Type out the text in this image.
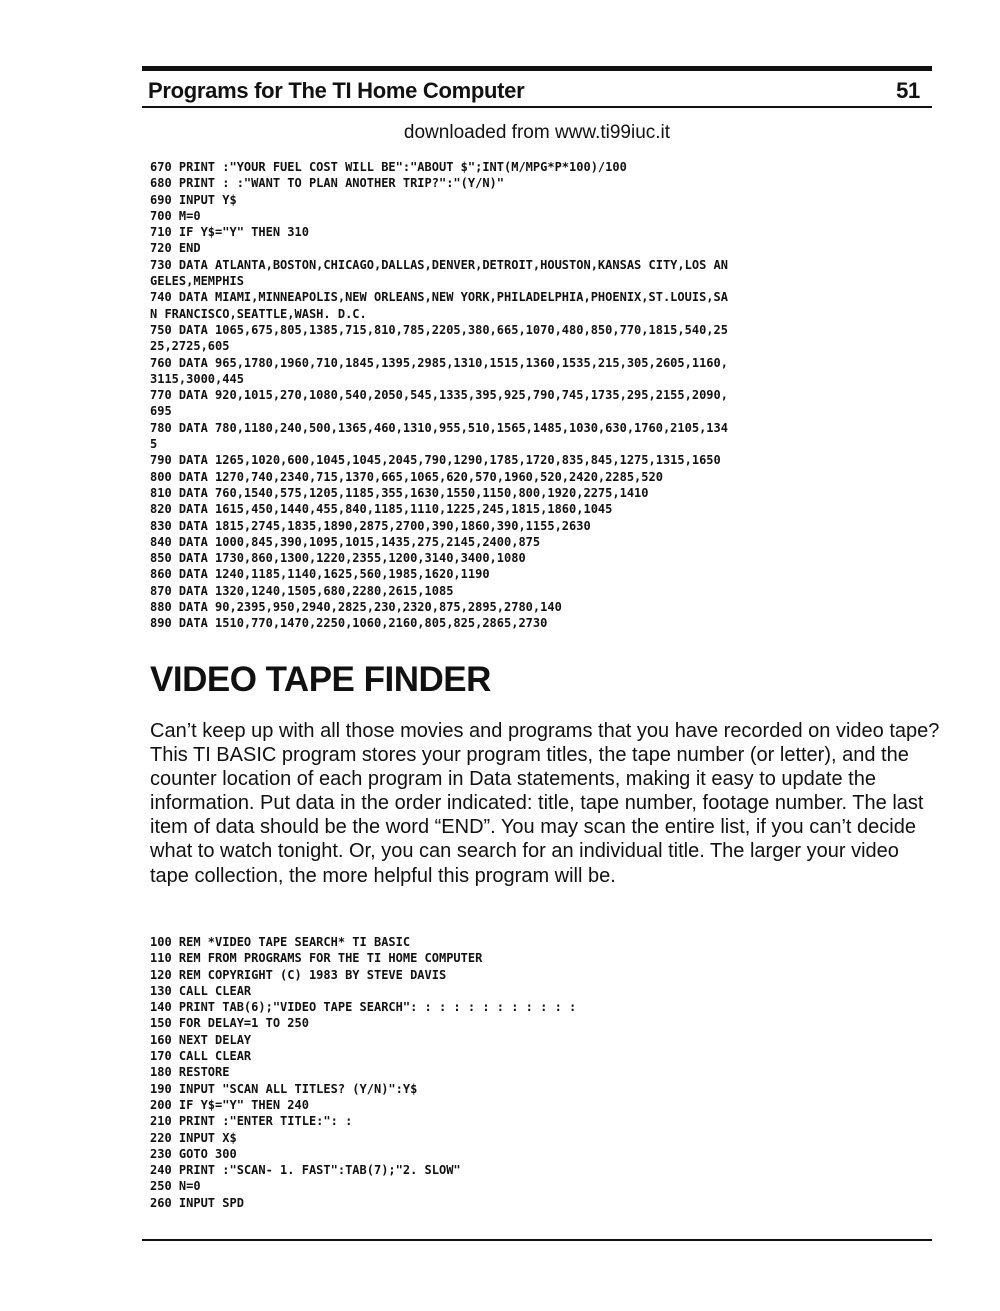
Programs for The TI Home Computer	51
downloaded from www.ti99iuc.it
670 PRINT :"YOUR FUEL COST WILL BE":"ABOUT $";INT(M/MPG*P*100)/100
680 PRINT : :"WANT TO PLAN ANOTHER TRIP?":"(Y/N)"
690 INPUT Y$
700 M=0
710 IF Y$="Y" THEN 310
720 END
730 DATA ATLANTA,BOSTON,CHICAGO,DALLAS,DENVER,DETROIT,HOUSTON,KANSAS CITY,LOS AN
GELES,MEMPHIS
740 DATA MIAMI,MINNEAPOLIS,NEW ORLEANS,NEW YORK,PHILADELPHIA,PHOENIX,ST.LOUIS,SA
N FRANCISCO,SEATTLE,WASH. D.C.
750 DATA 1065,675,805,1385,715,810,785,2205,380,665,1070,480,850,770,1815,540,25
25,2725,605
760 DATA 965,1780,1960,710,1845,1395,2985,1310,1515,1360,1535,215,305,2605,1160,
3115,3000,445
770 DATA 920,1015,270,1080,540,2050,545,1335,395,925,790,745,1735,295,2155,2090,
695
780 DATA 780,1180,240,500,1365,460,1310,955,510,1565,1485,1030,630,1760,2105,134
5
790 DATA 1265,1020,600,1045,1045,2045,790,1290,1785,1720,835,845,1275,1315,1650
800 DATA 1270,740,2340,715,1370,665,1065,620,570,1960,520,2420,2285,520
810 DATA 760,1540,575,1205,1185,355,1630,1550,1150,800,1920,2275,1410
820 DATA 1615,450,1440,455,840,1185,1110,1225,245,1815,1860,1045
830 DATA 1815,2745,1835,1890,2875,2700,390,1860,390,1155,2630
840 DATA 1000,845,390,1095,1015,1435,275,2145,2400,875
850 DATA 1730,860,1300,1220,2355,1200,3140,3400,1080
860 DATA 1240,1185,1140,1625,560,1985,1620,1190
870 DATA 1320,1240,1505,680,2280,2615,1085
880 DATA 90,2395,950,2940,2825,230,2320,875,2895,2780,140
890 DATA 1510,770,1470,2250,1060,2160,805,825,2865,2730
VIDEO TAPE FINDER

Can’t keep up with all those movies and programs that you have recorded on video tape? This TI BASIC program stores your program titles, the tape number (or letter), and the counter location of each program in Data statements, making it easy to update the information. Put data in the order indicated: title, tape number, footage number. The last item of data should be the word “END”. You may scan the entire list, if you can’t decide what to watch tonight. Or, you can search for an individual title. The larger your video tape collection, the more helpful this program will be.

100 REM *VIDEO TAPE SEARCH* TI BASIC
110 REM FROM PROGRAMS FOR THE TI HOME COMPUTER
120 REM COPYRIGHT (C) 1983 BY STEVE DAVIS
130 CALL CLEAR
140 PRINT TAB(6);"VIDEO TAPE SEARCH": : : : : : : : : : : :
150 FOR DELAY=1 TO 250
160 NEXT DELAY
170 CALL CLEAR
180 RESTORE
190 INPUT "SCAN ALL TITLES? (Y/N)":Y$
200 IF Y$="Y" THEN 240
210 PRINT :"ENTER TITLE:": :
220 INPUT X$
230 GOTO 300
240 PRINT :"SCAN- 1. FAST":TAB(7);"2. SLOW"
250 N=0
260 INPUT SPD
